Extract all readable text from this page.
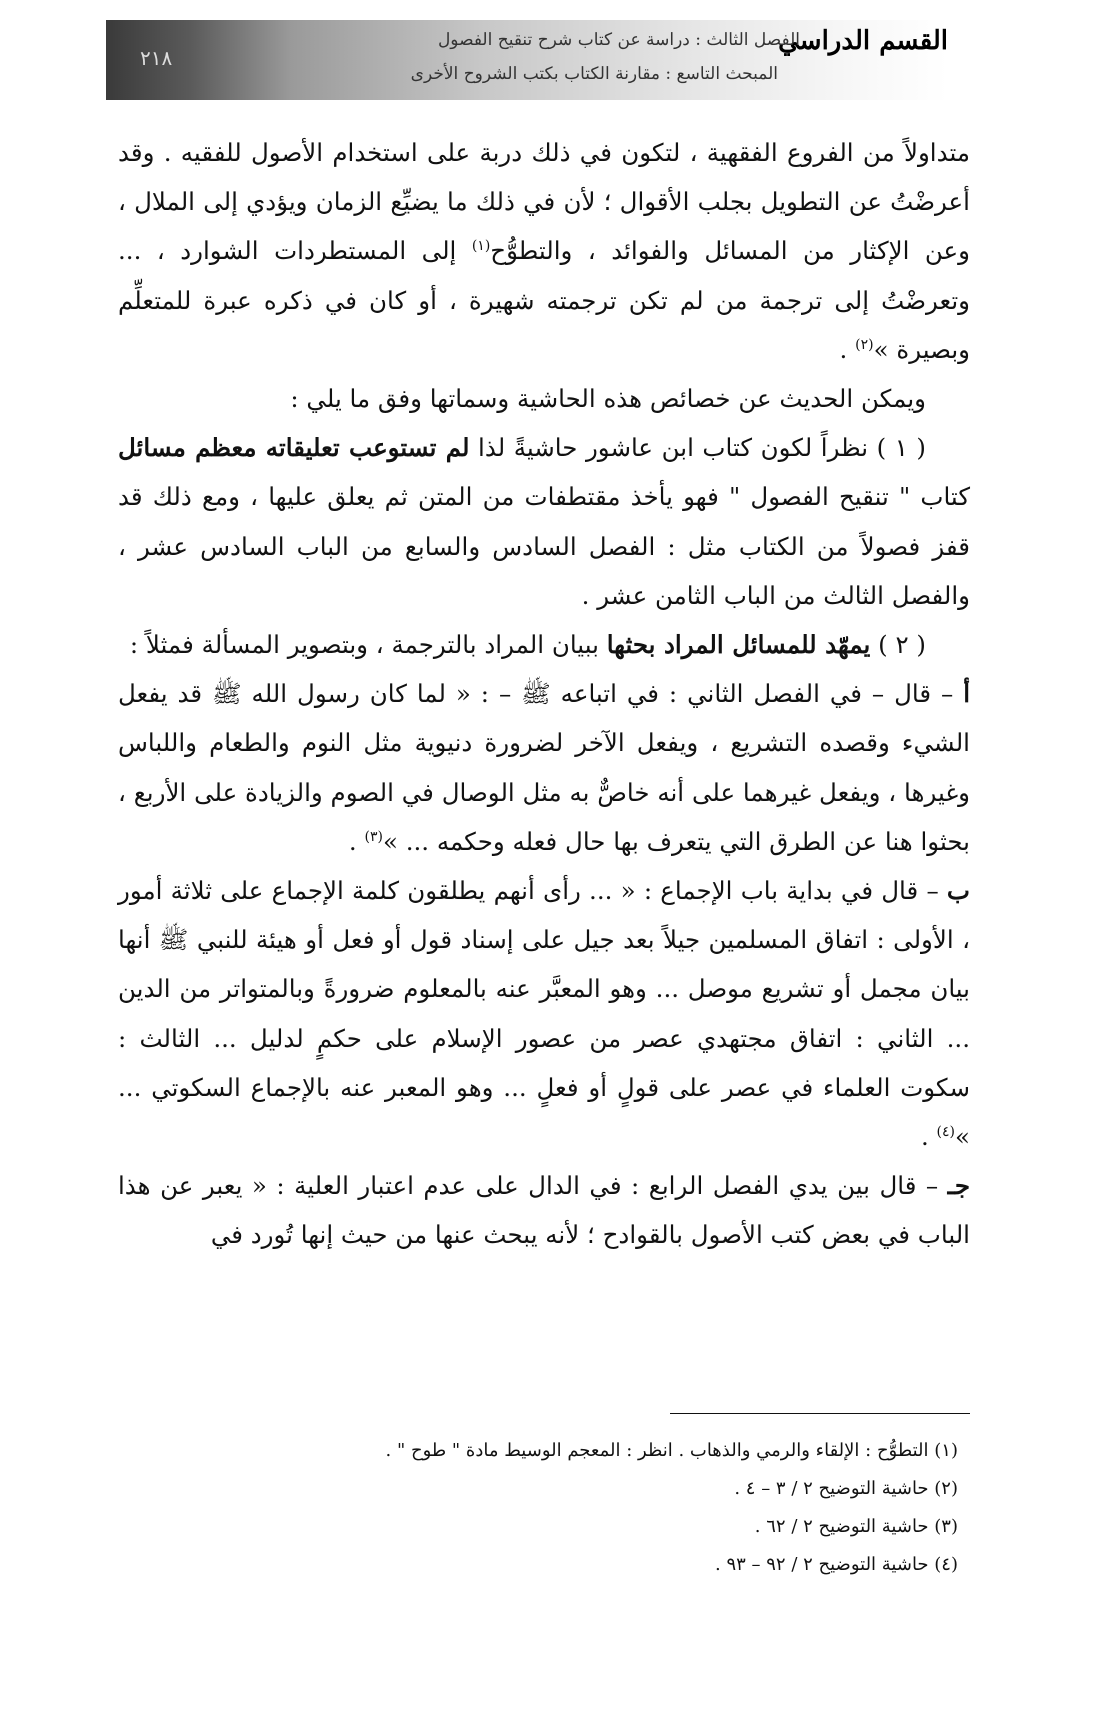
القسم الدراسي
الفصل الثالث : دراسة عن كتاب شرح تنقيح الفصول
المبحث التاسع : مقارنة الكتاب بكتب الشروح الأخرى
٢١٨

متداولاً من الفروع الفقهية ، لتكون في ذلك دربة على استخدام الأصول للفقيه . وقد أعرضْتُ عن التطويل بجلب الأقوال ؛ لأن في ذلك ما يضيِّع الزمان ويؤدي إلى الملال ، وعن الإكثار من المسائل والفوائد ، والتطوُّح$^{(١)}$ إلى المستطردات الشوارد ، ... وتعرضْتُ إلى ترجمة من لم تكن ترجمته شهيرة ، أو كان في ذكره عبرة للمتعلِّم وبصيرة »$^{(٢)}$ .

ويمكن الحديث عن خصائص هذه الحاشية وسماتها وفق ما يلي :

( ١ ) نظراً لكون كتاب ابن عاشور حاشيةً لذا لم تستوعب تعليقاته معظم مسائل كتاب " تنقيح الفصول " فهو يأخذ مقتطفات من المتن ثم يعلق عليها ، ومع ذلك قد قفز فصولاً من الكتاب مثل : الفصل السادس والسابع من الباب السادس عشر ، والفصل الثالث من الباب الثامن عشر .

( ٢ ) يمهّد للمسائل المراد بحثها ببيان المراد بالترجمة ، وبتصوير المسألة فمثلاً :

أ – قال – في الفصل الثاني : في اتباعه ﷺ – : « لما كان رسول الله ﷺ قد يفعل الشيء وقصده التشريع ، ويفعل الآخر لضرورة دنيوية مثل النوم والطعام واللباس وغيرها ، ويفعل غيرهما على أنه خاصٌّ به مثل الوصال في الصوم والزيادة على الأربع ، بحثوا هنا عن الطرق التي يتعرف بها حال فعله وحكمه ... »$^{(٣)}$ .

ب – قال في بداية باب الإجماع : « ... رأى أنهم يطلقون كلمة الإجماع على ثلاثة أمور ، الأولى : اتفاق المسلمين جيلاً بعد جيل على إسناد قول أو فعل أو هيئة للنبي ﷺ أنها بيان مجمل أو تشريع موصل ... وهو المعبَّر عنه بالمعلوم ضرورةً وبالمتواتر من الدين ... الثاني : اتفاق مجتهدي عصر من عصور الإسلام على حكمٍ لدليل ... الثالث : سكوت العلماء في عصر على قولٍ أو فعلٍ ... وهو المعبر عنه بالإجماع السكوتي ... »$^{(٤)}$ .

جـ – قال بين يدي الفصل الرابع : في الدال على عدم اعتبار العلية : « يعبر عن هذا الباب في بعض كتب الأصول بالقوادح ؛ لأنه يبحث عنها من حيث إنها تُورد في

(١) التطوُّح : الإلقاء والرمي والذهاب . انظر : المعجم الوسيط مادة " طوح " .

(٢) حاشية التوضيح ٢ / ٣ – ٤ .

(٣) حاشية التوضيح ٢ / ٦٢ .

(٤) حاشية التوضيح ٢ / ٩٢ – ٩٣ .
